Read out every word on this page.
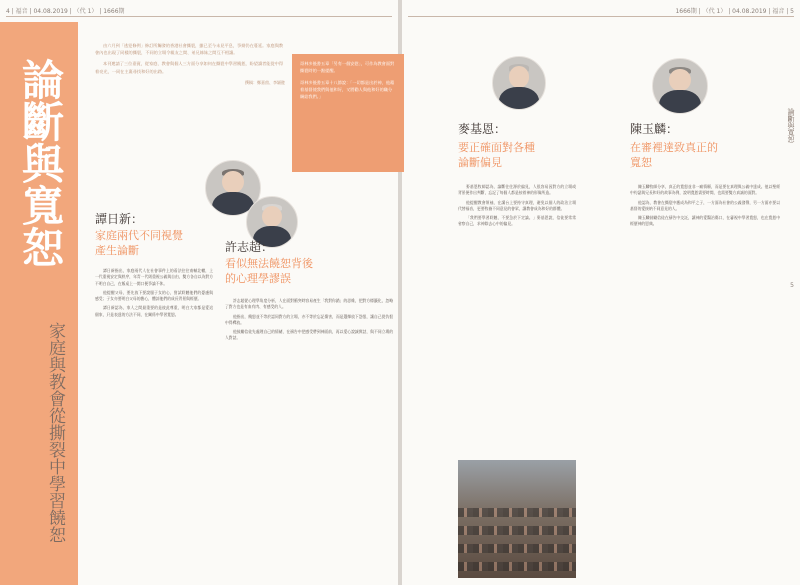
4 | 福音 | 04.08.2019 | （代 1） | 1666期
論斷與寬恕
家庭與教會從撕裂中學習饒恕

由六月到「逃犯條例」修訂所觸發的香港社會撕裂，雖已至今未見平息，爭拗仍在蔓延。家庭與教會內也出現了同樣的撕裂，不同的立場令親友之間、弟兄姊妹之間互不相讓。

本刊邀請了三位嘉賓，從家庭、教會與個人三方面分享如何在撕裂中學習饒恕，盼望讀者能從中得着亮光，一同在主裏尋找和好的出路。

撰稿：鄭嘉茵、李穎懿

譚日新：
家庭兩代不同視覺
產生論斷

譚日新指出，家庭兩代人在社會事件上的看法往往南轅北轍，上一代重視安定與秩序，年青一代則重視公義與自由，雙方各自以為對方不明白自己，在飯桌上一開口便爭論不休。

他提醒父母，要先放下要說服子女的心，嘗試聆聽他們的憂慮與感受；子女亦要明白父母的擔心，體諒他們的成長背景與經歷。

譚日新認為，家人之間最重要的是彼此尊重，明白大家都是愛這個家，只是表達的方法不同，在關係中學習寬恕。

許志超：
看似無法饒恕背後
的心理學謬誤

許志超從心理學角度分析，人在面對衝突時容易產生「我對你錯」的思維，把對方標籤化，忽略了對方也是有血有肉、有感受的人。

他指出，饒恕並不等於認同對方的立場，亦不等於忘記傷害，而是選擇放下怨恨，讓自己從仇恨中得釋放。

他鼓勵信徒先處理自己的情緒，在禱告中把感受帶到神面前，再以愛心說誠實話，與不同立場的人對話。

哥林多後書五章「另有一個安慰」，可作為教會面對撕裂時的一點提醒。

哥林多後書五章十八節說：「一切都是出於神，他藉着基督使我們與他和好，又將勸人與他和好的職分賜給我們。」

1666期 | （代 1） | 04.08.2019 | 福音 | 5
麥基恩：
要正確面對各種
論斷偏見

麥基恩牧師認為，論斷往往源於偏見，人很容易因對方的立場或背景便作出判斷，忘記了每個人都是按着神的形像所造。

他提醒教會領袖，在講台上要持守真理，避免以個人的政治立場代替福音，更要牧養不同意見的會眾，讓教會成為和好的群體。

「我們要學習聆聽，不要急於下定論。」麥基恩說，信徒要常常省察自己，求神除去心中的偏見。

陳玉麟：
在審裡達致真正的
寬恕

陳玉麟牧師分享，真正的寬恕並非一廂情願，而是要在真理與公義中達成。他以聖經中約瑟與兄長和好的故事為例，說明寬恕需要時間，也需要雙方真誠的面對。

他認為，教會在撕裂中應成為和平之子，一方面為社會的公義發聲，另一方面亦要以基督的愛接納不同意見的人。

陳玉麟鼓勵信徒在禱告中交託，讓神的愛醫治傷口，在審視中學習寬恕，也在寬恕中經歷神的恩典。

論斷與寬恕
5
